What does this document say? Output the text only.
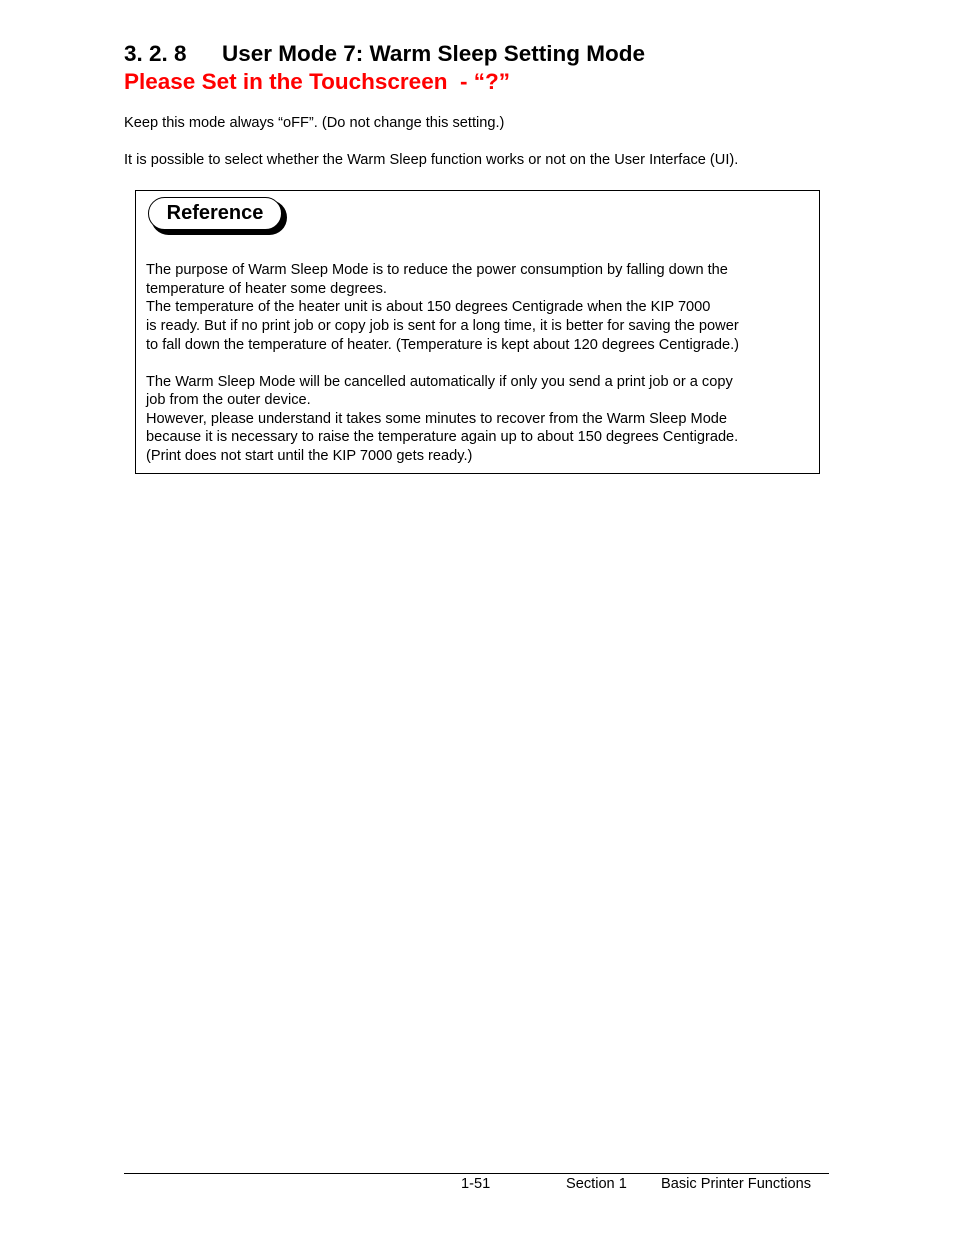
3. 2. 8 User Mode 7: Warm Sleep Setting Mode
Please Set in the Touchscreen  - “?”
Keep this mode always “oFF”. (Do not change this setting.)
It is possible to select whether the Warm Sleep function works or not on the User Interface (UI).
Reference
The purpose of Warm Sleep Mode is to reduce the power consumption by falling down the
temperature of heater some degrees.
The temperature of the heater unit is about 150 degrees Centigrade when the KIP 7000
is ready. But if no print job or copy job is sent for a long time, it is better for saving the power
to fall down the temperature of heater. (Temperature is kept about 120 degrees Centigrade.)
The Warm Sleep Mode will be cancelled automatically if only you send a print job or a copy
job from the outer device.
However, please understand it takes some minutes to recover from the Warm Sleep Mode
because it is necessary to raise the temperature again up to about 150 degrees Centigrade.
(Print does not start until the KIP 7000 gets ready.)
1-51	Section 1 Basic Printer Functions
